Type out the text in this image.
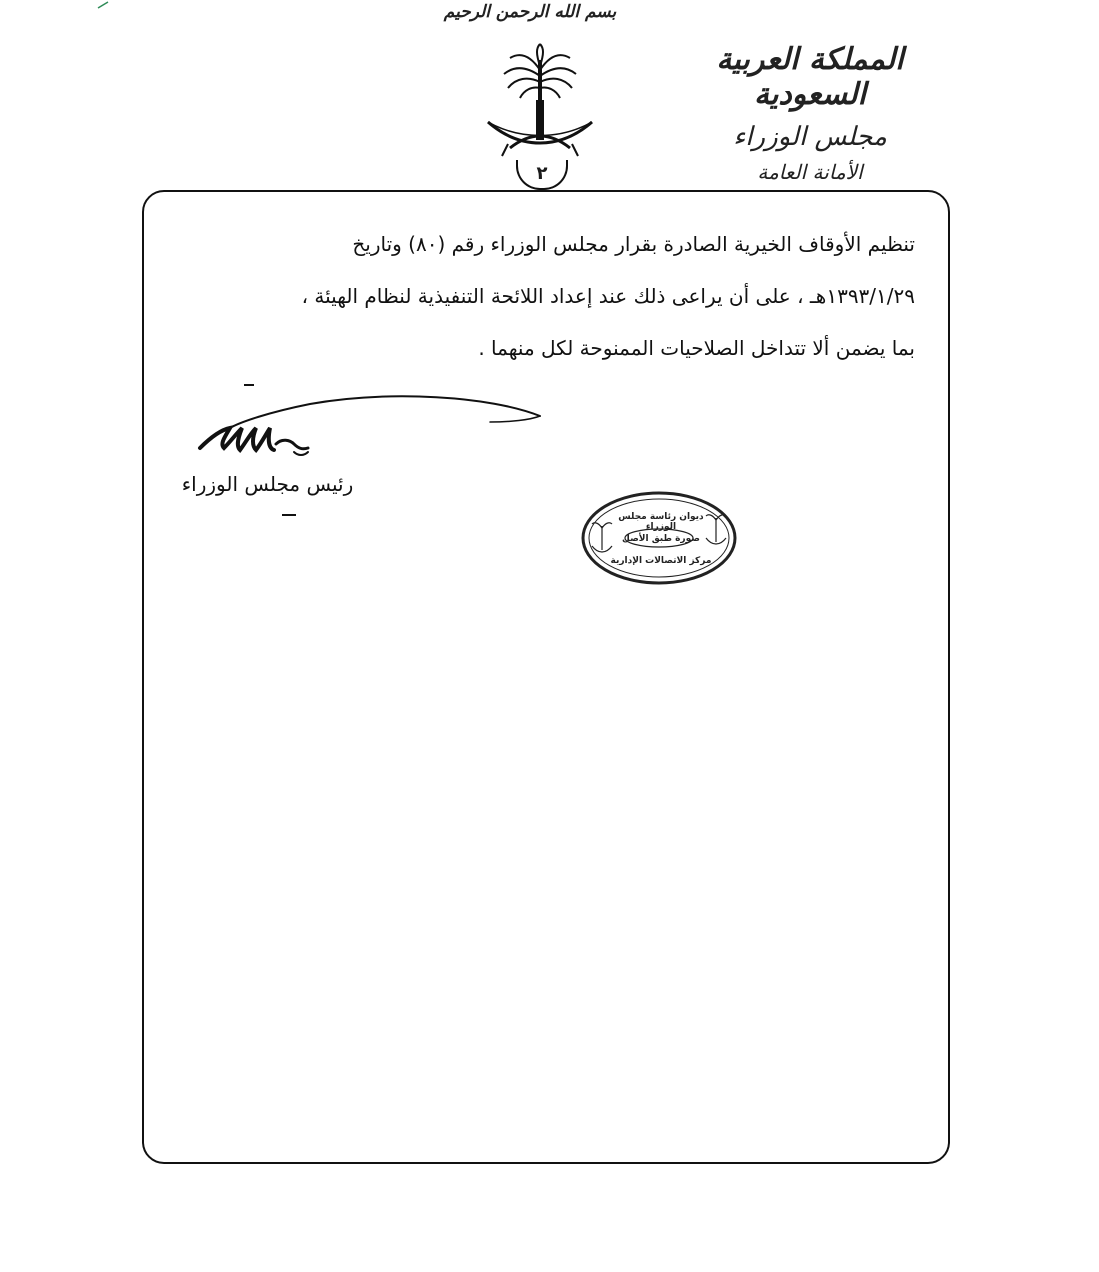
بسم الله الرحمن الرحيم
المملكة العربية السعودية
مجلس الوزراء
الأمانة العامة
٢

تنظيم الأوقاف الخيرية الصادرة بقرار مجلس الوزراء رقم (٨٠) وتاريخ

١٣٩٣/١/٢٩هـ ، على أن يراعى ذلك عند إعداد اللائحة التنفيذية لنظام الهيئة ،

بما يضمن ألا تتداخل الصلاحيات الممنوحة لكل منهما .

رئيس مجلس الوزراء
ديوان رئاسة مجلس الوزراء
صورة طبق الأصل
مركز الاتصالات الإدارية
